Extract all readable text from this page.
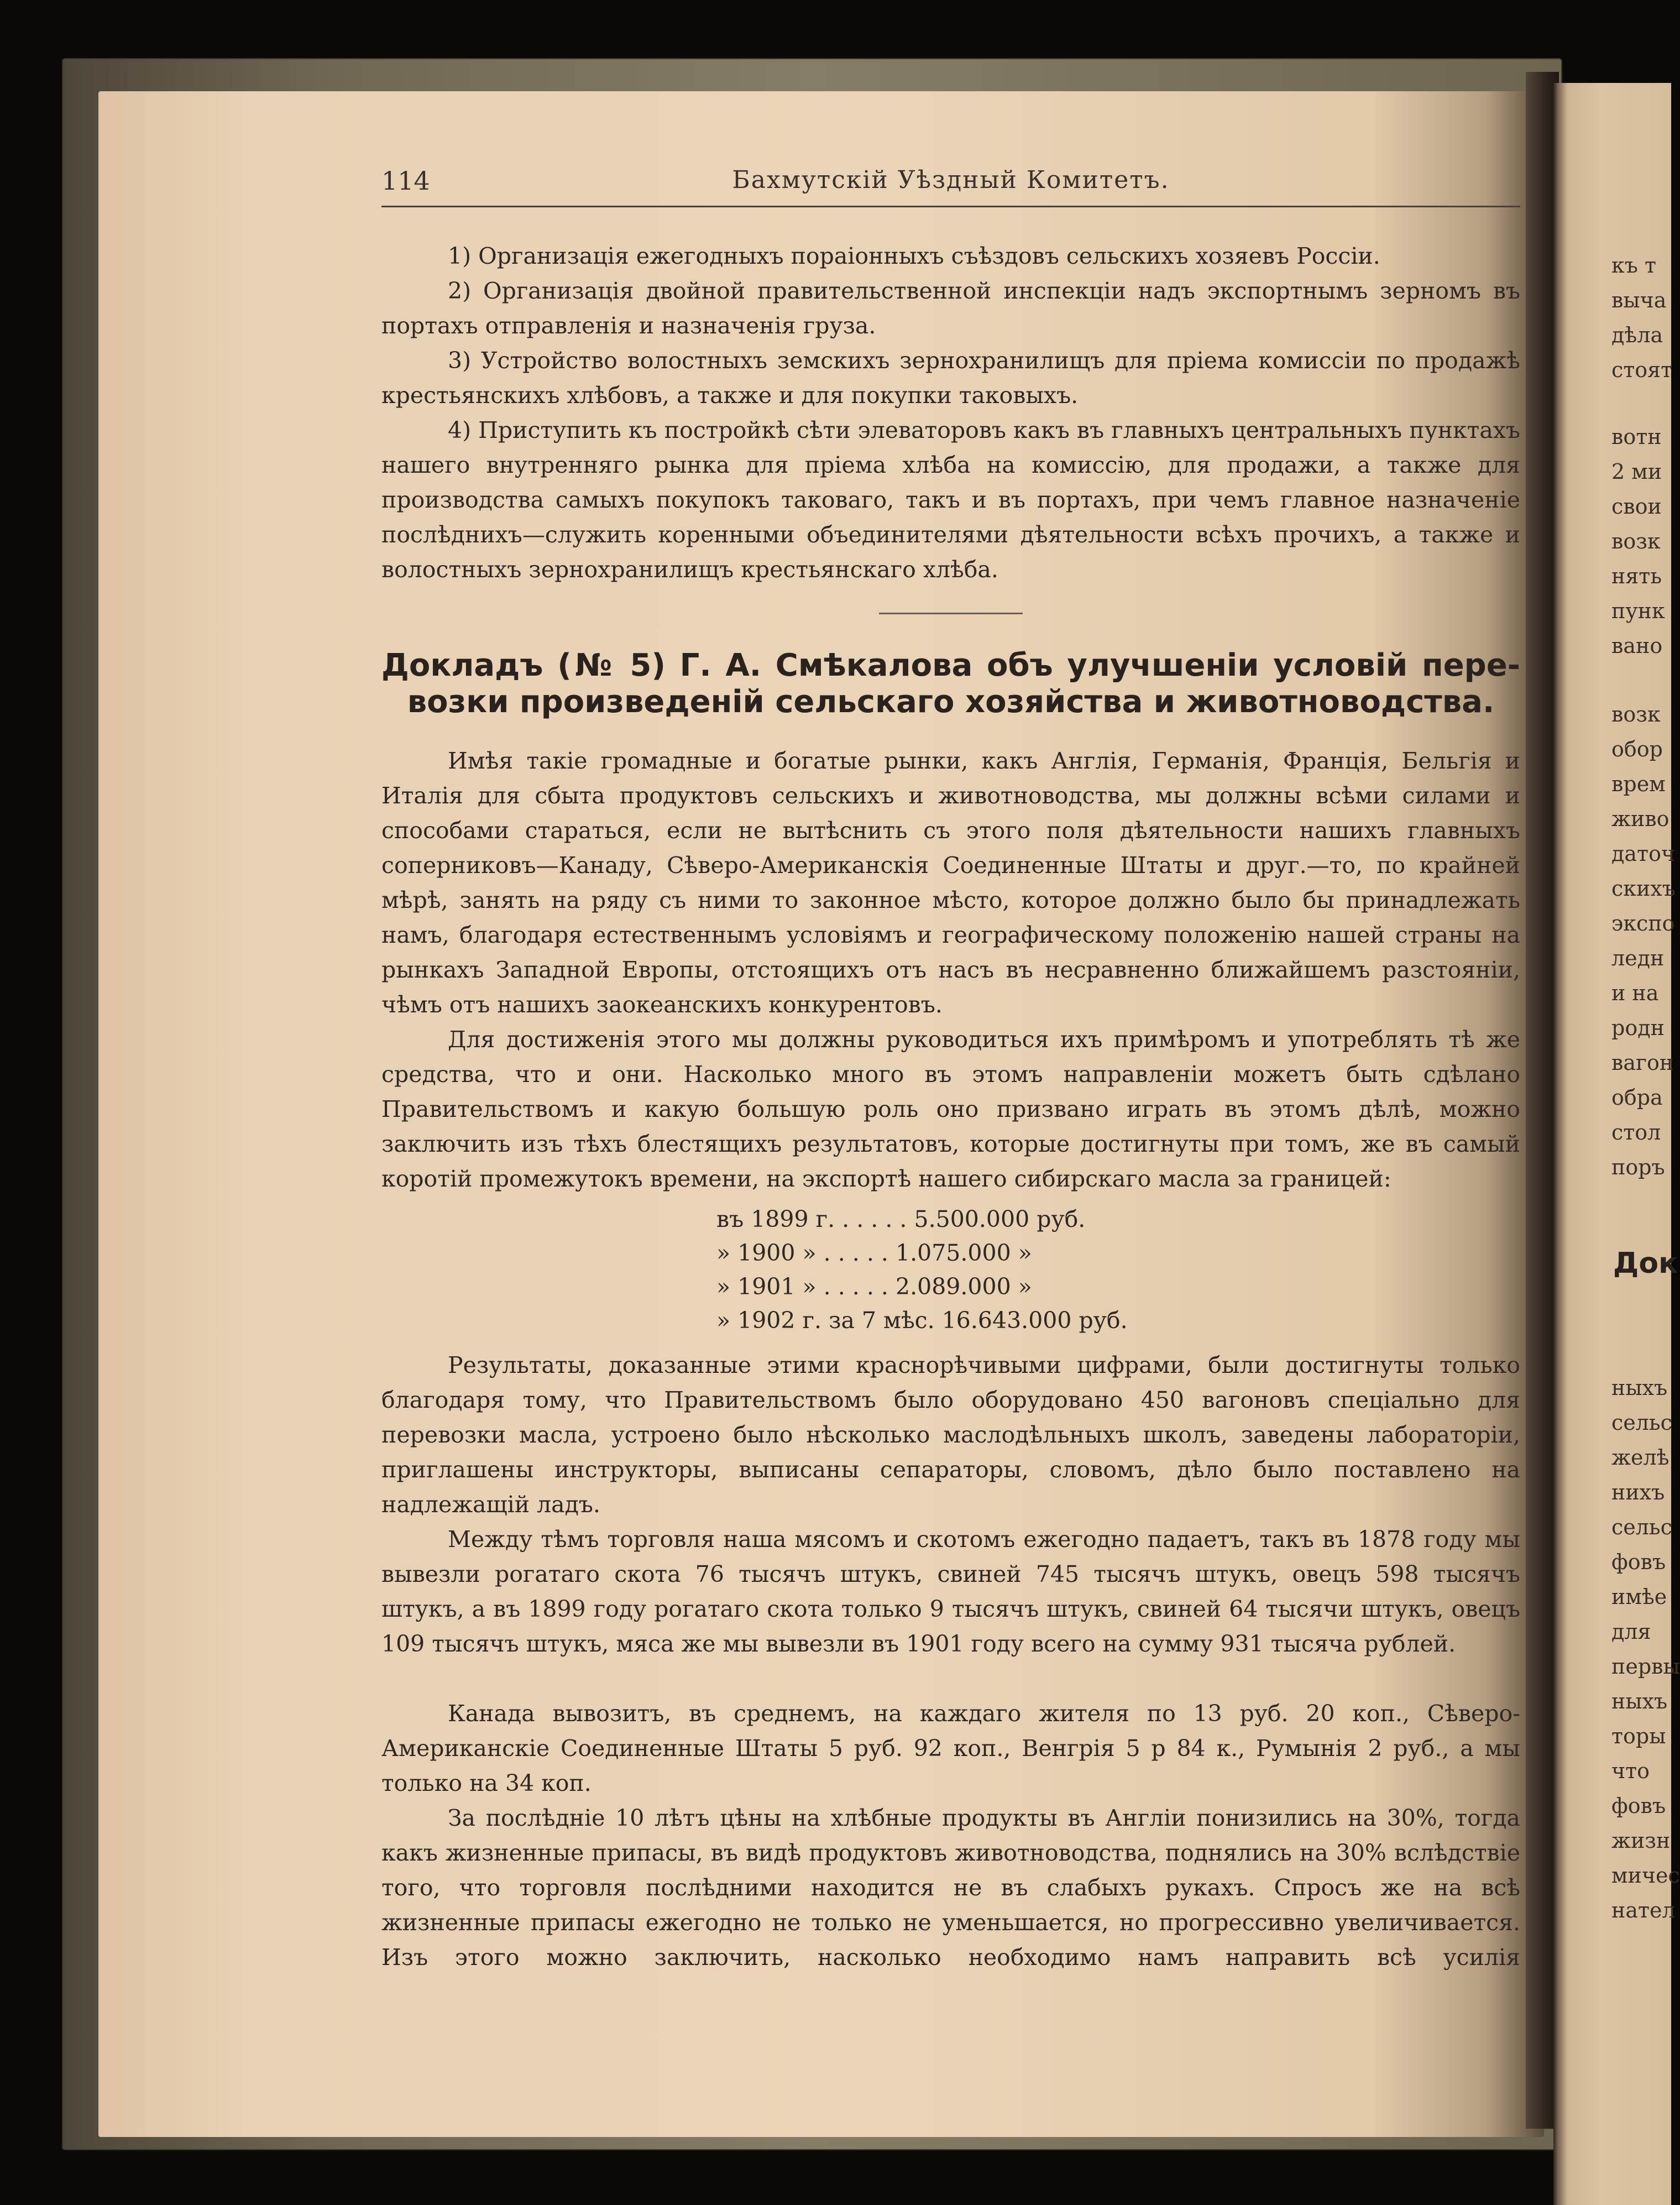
114	Бахмутскій Уѣздный Комитетъ.
1) Организація ежегодныхъ пораіонныхъ съѣздовъ сельскихъ хозяевъ Россіи.
2) Организація двойной правительственной инспекціи надъ экспортнымъ зерномъ въ портахъ отправленія и назначенія груза.
3) Устройство волостныхъ земскихъ зернохранилищъ для пріема комиссіи по продажѣ крестьянскихъ хлѣбовъ, а также и для покупки таковыхъ.
4) Приступить къ постройкѣ сѣти элеваторовъ какъ въ главныхъ центральныхъ пунктахъ нашего внутренняго рынка для пріема хлѣба на комиссію, для продажи, а также для производства самыхъ покупокъ таковаго, такъ и въ портахъ, при чемъ главное назначеніе послѣднихъ—служить коренными объединителями дѣятельности всѣхъ прочихъ, а также и волостныхъ зернохранилищъ крестьянскаго хлѣба.
Докладъ (№ 5) Г. А. Смѣкалова объ улучшеніи условій пере-
возки произведеній сельскаго хозяйства и животноводства.
Имѣя такіе громадные и богатые рынки, какъ Англія, Германія, Франція, Бельгія и Италія для сбыта продуктовъ сельскихъ и животноводства, мы должны всѣми силами и способами стараться, если не вытѣснить съ этого поля дѣятельности нашихъ главныхъ соперниковъ—Канаду, Сѣверо-Американскія Соединенные Штаты и друг.—то, по крайней мѣрѣ, занять на ряду съ ними то законное мѣсто, которое должно было бы принадлежать намъ, благодаря естественнымъ условіямъ и географическому положенію нашей страны на рынкахъ Западной Европы, отстоящихъ отъ насъ въ несравненно ближайшемъ разстояніи, чѣмъ отъ нашихъ заокеанскихъ конкурентовъ.
Для достиженія этого мы должны руководиться ихъ примѣромъ и употреблять тѣ же средства, что и они. Насколько много въ этомъ направленіи можетъ быть сдѣлано Правительствомъ и какую большую роль оно призвано играть въ этомъ дѣлѣ, можно заключить изъ тѣхъ блестящихъ результатовъ, которые достигнуты при томъ, же въ самый коротій промежутокъ времени, на экспортѣ нашего сибирскаго масла за границей:
въ 1899 г. . . . . . 5.500.000 руб.
» 1900 » . . . . . 1.075.000 »
» 1901 » . . . . . 2.089.000 »
» 1902 г. за 7 мѣс. 16.643.000 руб.
Результаты, доказанные этими краснорѣчивыми цифрами, были достигнуты только благодаря тому, что Правительствомъ было оборудовано 450 вагоновъ спеціально для перевозки масла, устроено было нѣсколько маслодѣльныхъ школъ, заведены лабораторіи, приглашены инструкторы, выписаны сепараторы, словомъ, дѣло было поставлено на надлежащій ладъ.
Между тѣмъ торговля наша мясомъ и скотомъ ежегодно падаетъ, такъ въ 1878 году мы вывезли рогатаго скота 76 тысячъ штукъ, свиней 745 тысячъ штукъ, овецъ 598 тысячъ штукъ, а въ 1899 году рогатаго скота только 9 тысячъ штукъ, свиней 64 тысячи штукъ, овецъ 109 тысячъ штукъ, мяса же мы вывезли въ 1901 году всего на сумму 931 тысяча рублей.
Канада вывозитъ, въ среднемъ, на каждаго жителя по 13 руб. 20 коп., Сѣверо-Американскіе Соединенные Штаты 5 руб. 92 коп., Венгрія 5 р 84 к., Румынія 2 руб., а мы только на 34 коп.
За послѣдніе 10 лѣтъ цѣны на хлѣбные продукты въ Англіи понизились на 30%, тогда какъ жизненные припасы, въ видѣ продуктовъ животноводства, поднялись на 30% вслѣдствіе того, что торговля послѣдними находится не въ слабыхъ рукахъ. Спросъ же на всѣ жизненные припасы ежегодно не только не уменьшается, но прогрессивно увеличивается. Изъ этого можно заключить, насколько необходимо намъ направить всѣ усилія
къ т
выча
дѣла
стоят
вотн
2 ми
свои
возк
нять
пунк
вано
возк
обор
врем
живо
даточ
скихъ
экспо
ледн
и на
родн
вагон
обра
стол
поръ
Док
ныхъ
сельс
желѣ
нихъ
сельс
фовъ
имѣе
для
первы
ныхъ
торы
что
фовъ
жизн
мичес
нател
